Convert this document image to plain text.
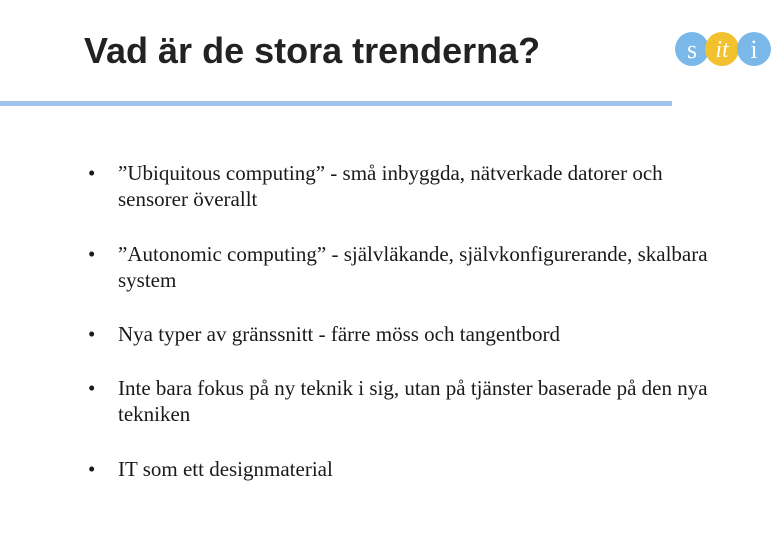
Vad är de stora trenderna?	s it i
•	”Ubiquitous computing” - små inbyggda, nätverkade datorer och sensorer överallt
•	”Autonomic computing” - självläkande, självkonfigurerande, skalbara system
•	Nya typer av gränssnitt - färre möss och tangentbord
•	Inte bara fokus på ny teknik i sig, utan på tjänster baserade på den nya tekniken
•	IT som ett designmaterial
